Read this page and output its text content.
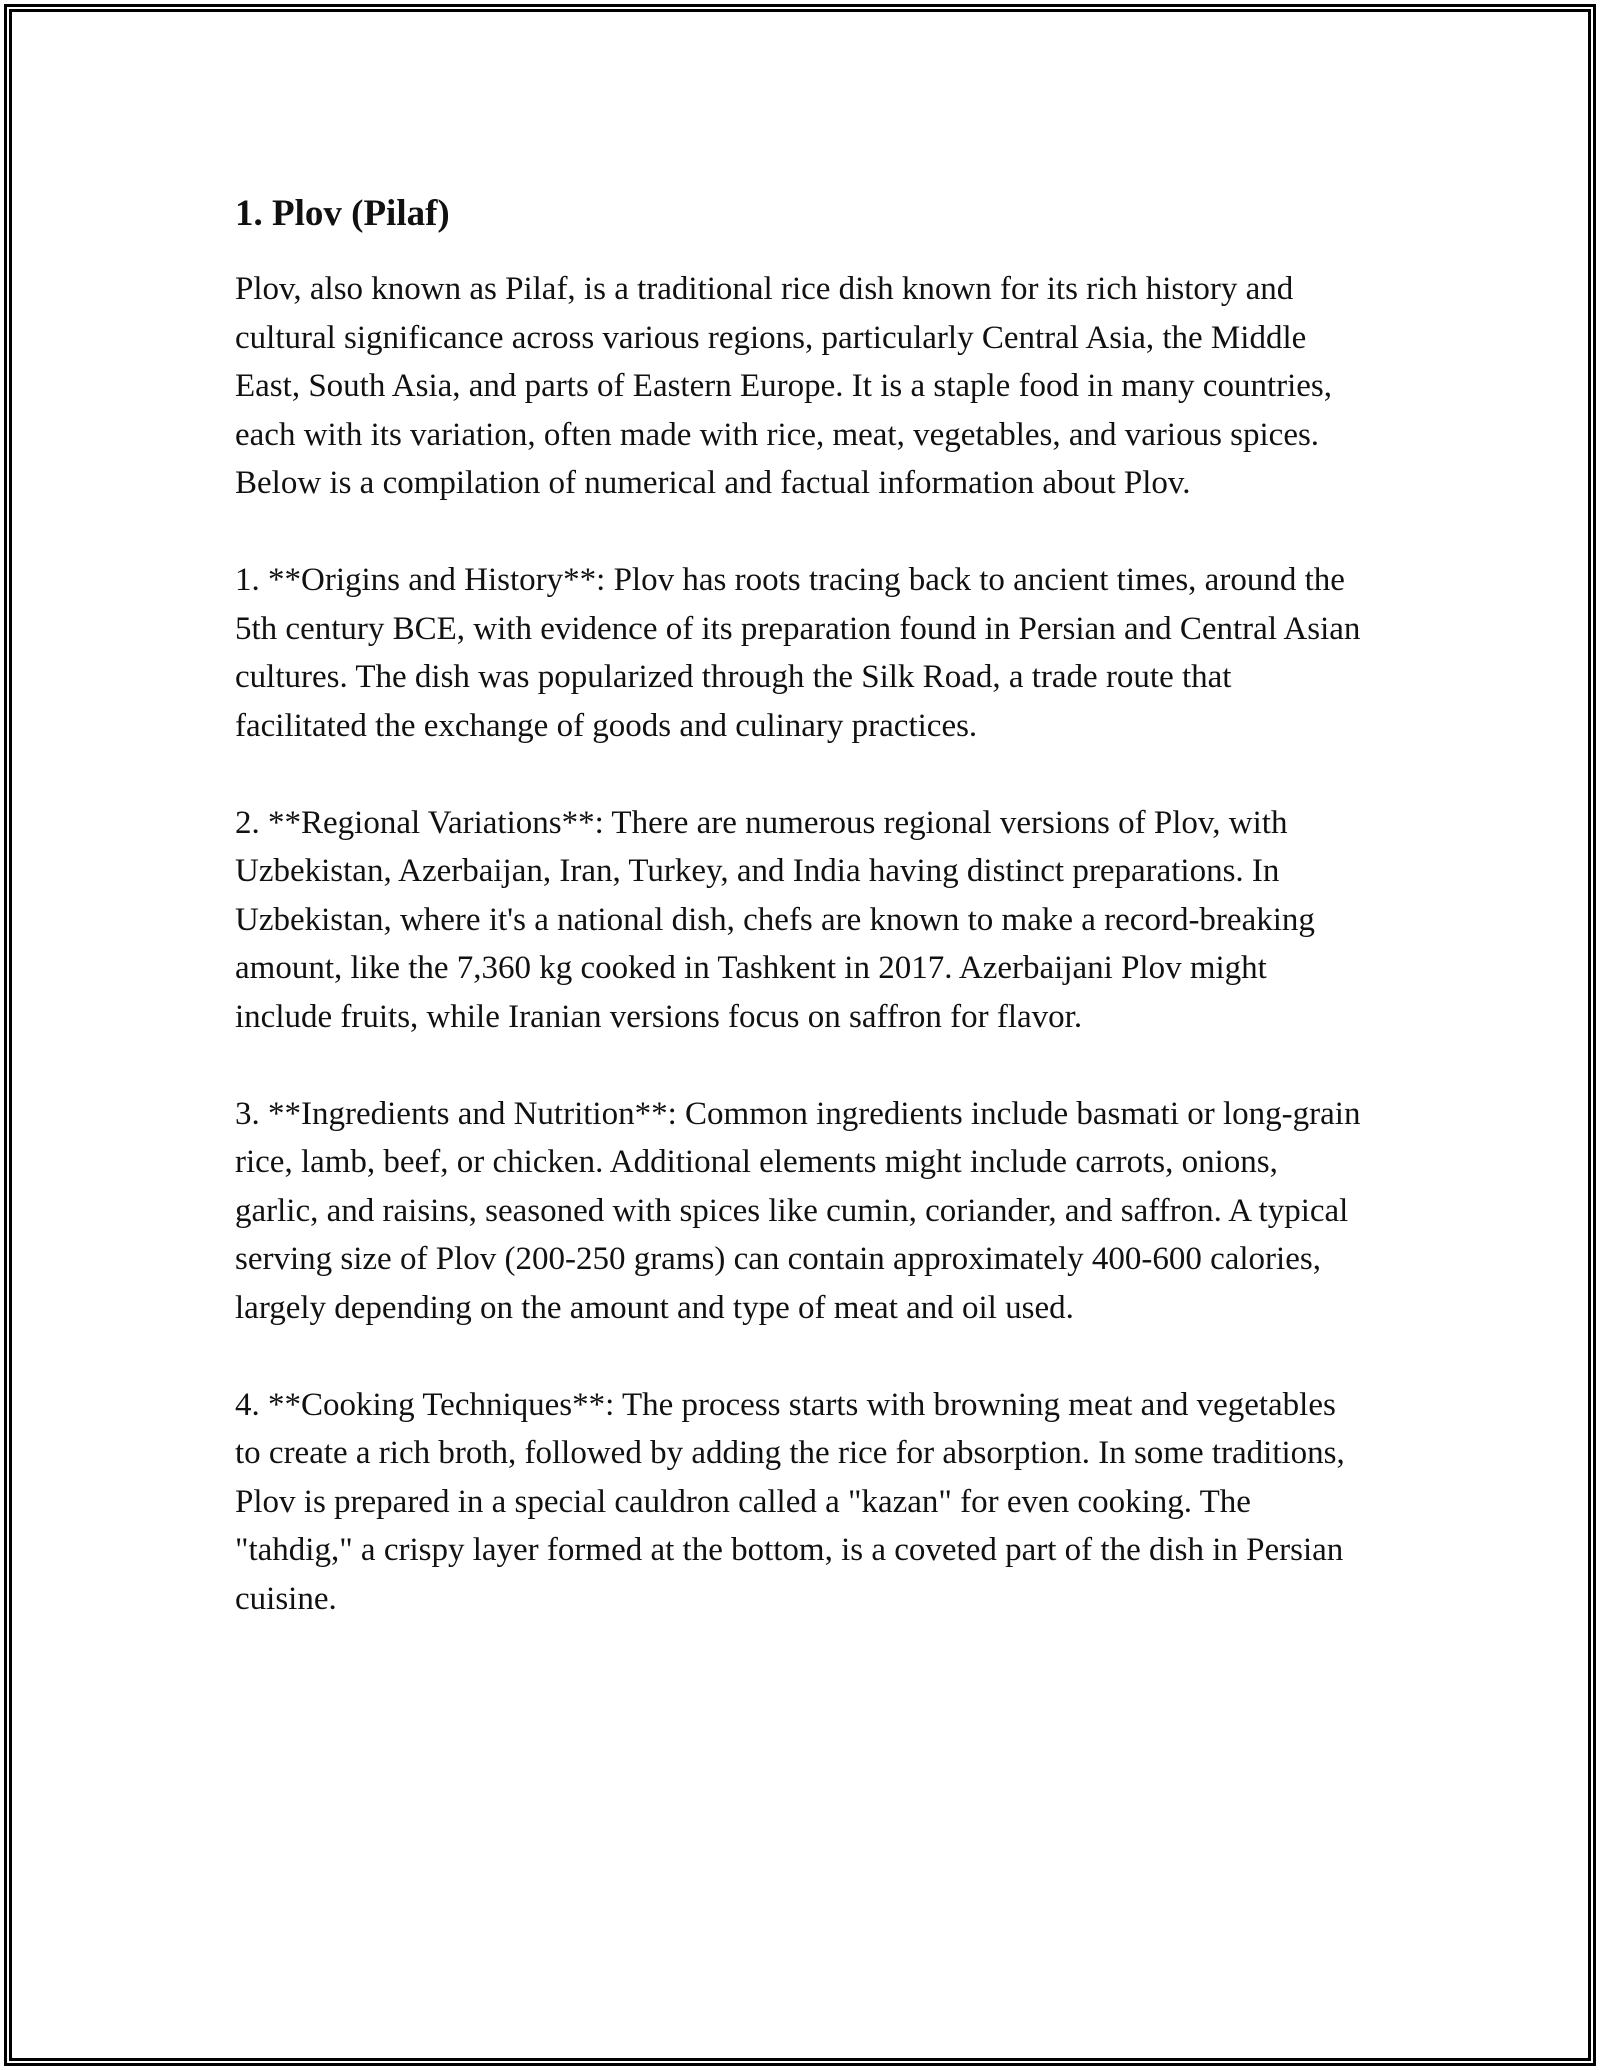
1. Plov (Pilaf)

Plov, also known as Pilaf, is a traditional rice dish known for its rich history and cultural significance across various regions, particularly Central Asia, the Middle East, South Asia, and parts of Eastern Europe. It is a staple food in many countries, each with its variation, often made with rice, meat, vegetables, and various spices. Below is a compilation of numerical and factual information about Plov.

1. **Origins and History**: Plov has roots tracing back to ancient times, around the 5th century BCE, with evidence of its preparation found in Persian and Central Asian cultures. The dish was popularized through the Silk Road, a trade route that facilitated the exchange of goods and culinary practices.

2. **Regional Variations**: There are numerous regional versions of Plov, with Uzbekistan, Azerbaijan, Iran, Turkey, and India having distinct preparations. In Uzbekistan, where it's a national dish, chefs are known to make a record-breaking amount, like the 7,360 kg cooked in Tashkent in 2017. Azerbaijani Plov might include fruits, while Iranian versions focus on saffron for flavor.

3. **Ingredients and Nutrition**: Common ingredients include basmati or long-grain rice, lamb, beef, or chicken. Additional elements might include carrots, onions, garlic, and raisins, seasoned with spices like cumin, coriander, and saffron. A typical serving size of Plov (200-250 grams) can contain approximately 400-600 calories, largely depending on the amount and type of meat and oil used.

4. **Cooking Techniques**: The process starts with browning meat and vegetables to create a rich broth, followed by adding the rice for absorption. In some traditions, Plov is prepared in a special cauldron called a "kazan" for even cooking. The "tahdig," a crispy layer formed at the bottom, is a coveted part of the dish in Persian cuisine.
